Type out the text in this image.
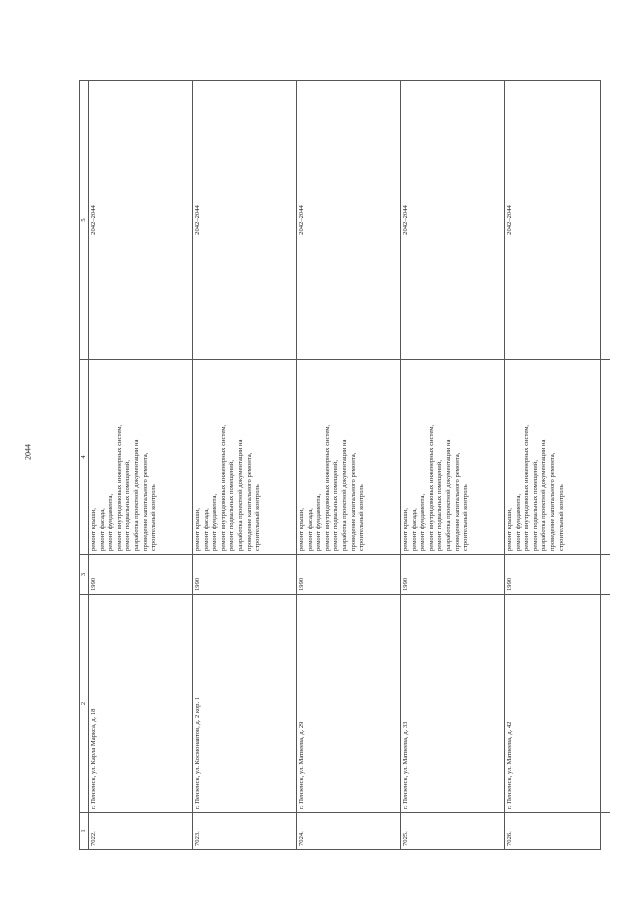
2044
1
2
3
4
5
7022.
г. Пензенск, ул. Карла Маркса, д. 18
1990
ремонт крыши, ремонт фасада, ремонт фундамента, ремонт внутридомовых инженерных систем, ремонт подвальных помещений, разработка проектной документации на проведение капитального ремонта, строительный контроль
2042–2044
7023.
г. Пензенск, ул. Космонавтов, д. 2 кор. 1
1990
ремонт крыши, ремонт фасада, ремонт фундамента, ремонт внутридомовых инженерных систем, ремонт подвальных помещений, разработка проектной документации на проведение капитального ремонта, строительный контроль
2042–2044
7024.
г. Пензенск, ул. Матвеева, д. 29
1990
ремонт крыши, ремонт фасада, ремонт фундамента, ремонт внутридомовых инженерных систем, ремонт подвальных помещений, разработка проектной документации на проведение капитального ремонта, строительный контроль
2042–2044
7025.
г. Пензенск, ул. Матвеева, д. 33
1990
ремонт крыши, ремонт фасада, ремонт фундамента, ремонт внутридомовых инженерных систем, ремонт подвальных помещений, разработка проектной документации на проведение капитального ремонта, строительный контроль
2042–2044
7026.
г. Пензенск, ул. Матвеева, д. 42
1990
ремонт крыши, ремонт фундамента, ремонт внутридомовых инженерных систем, ремонт подвальных помещений, разработка проектной документации на проведение капитального ремонта, строительный контроль
2042–2044
